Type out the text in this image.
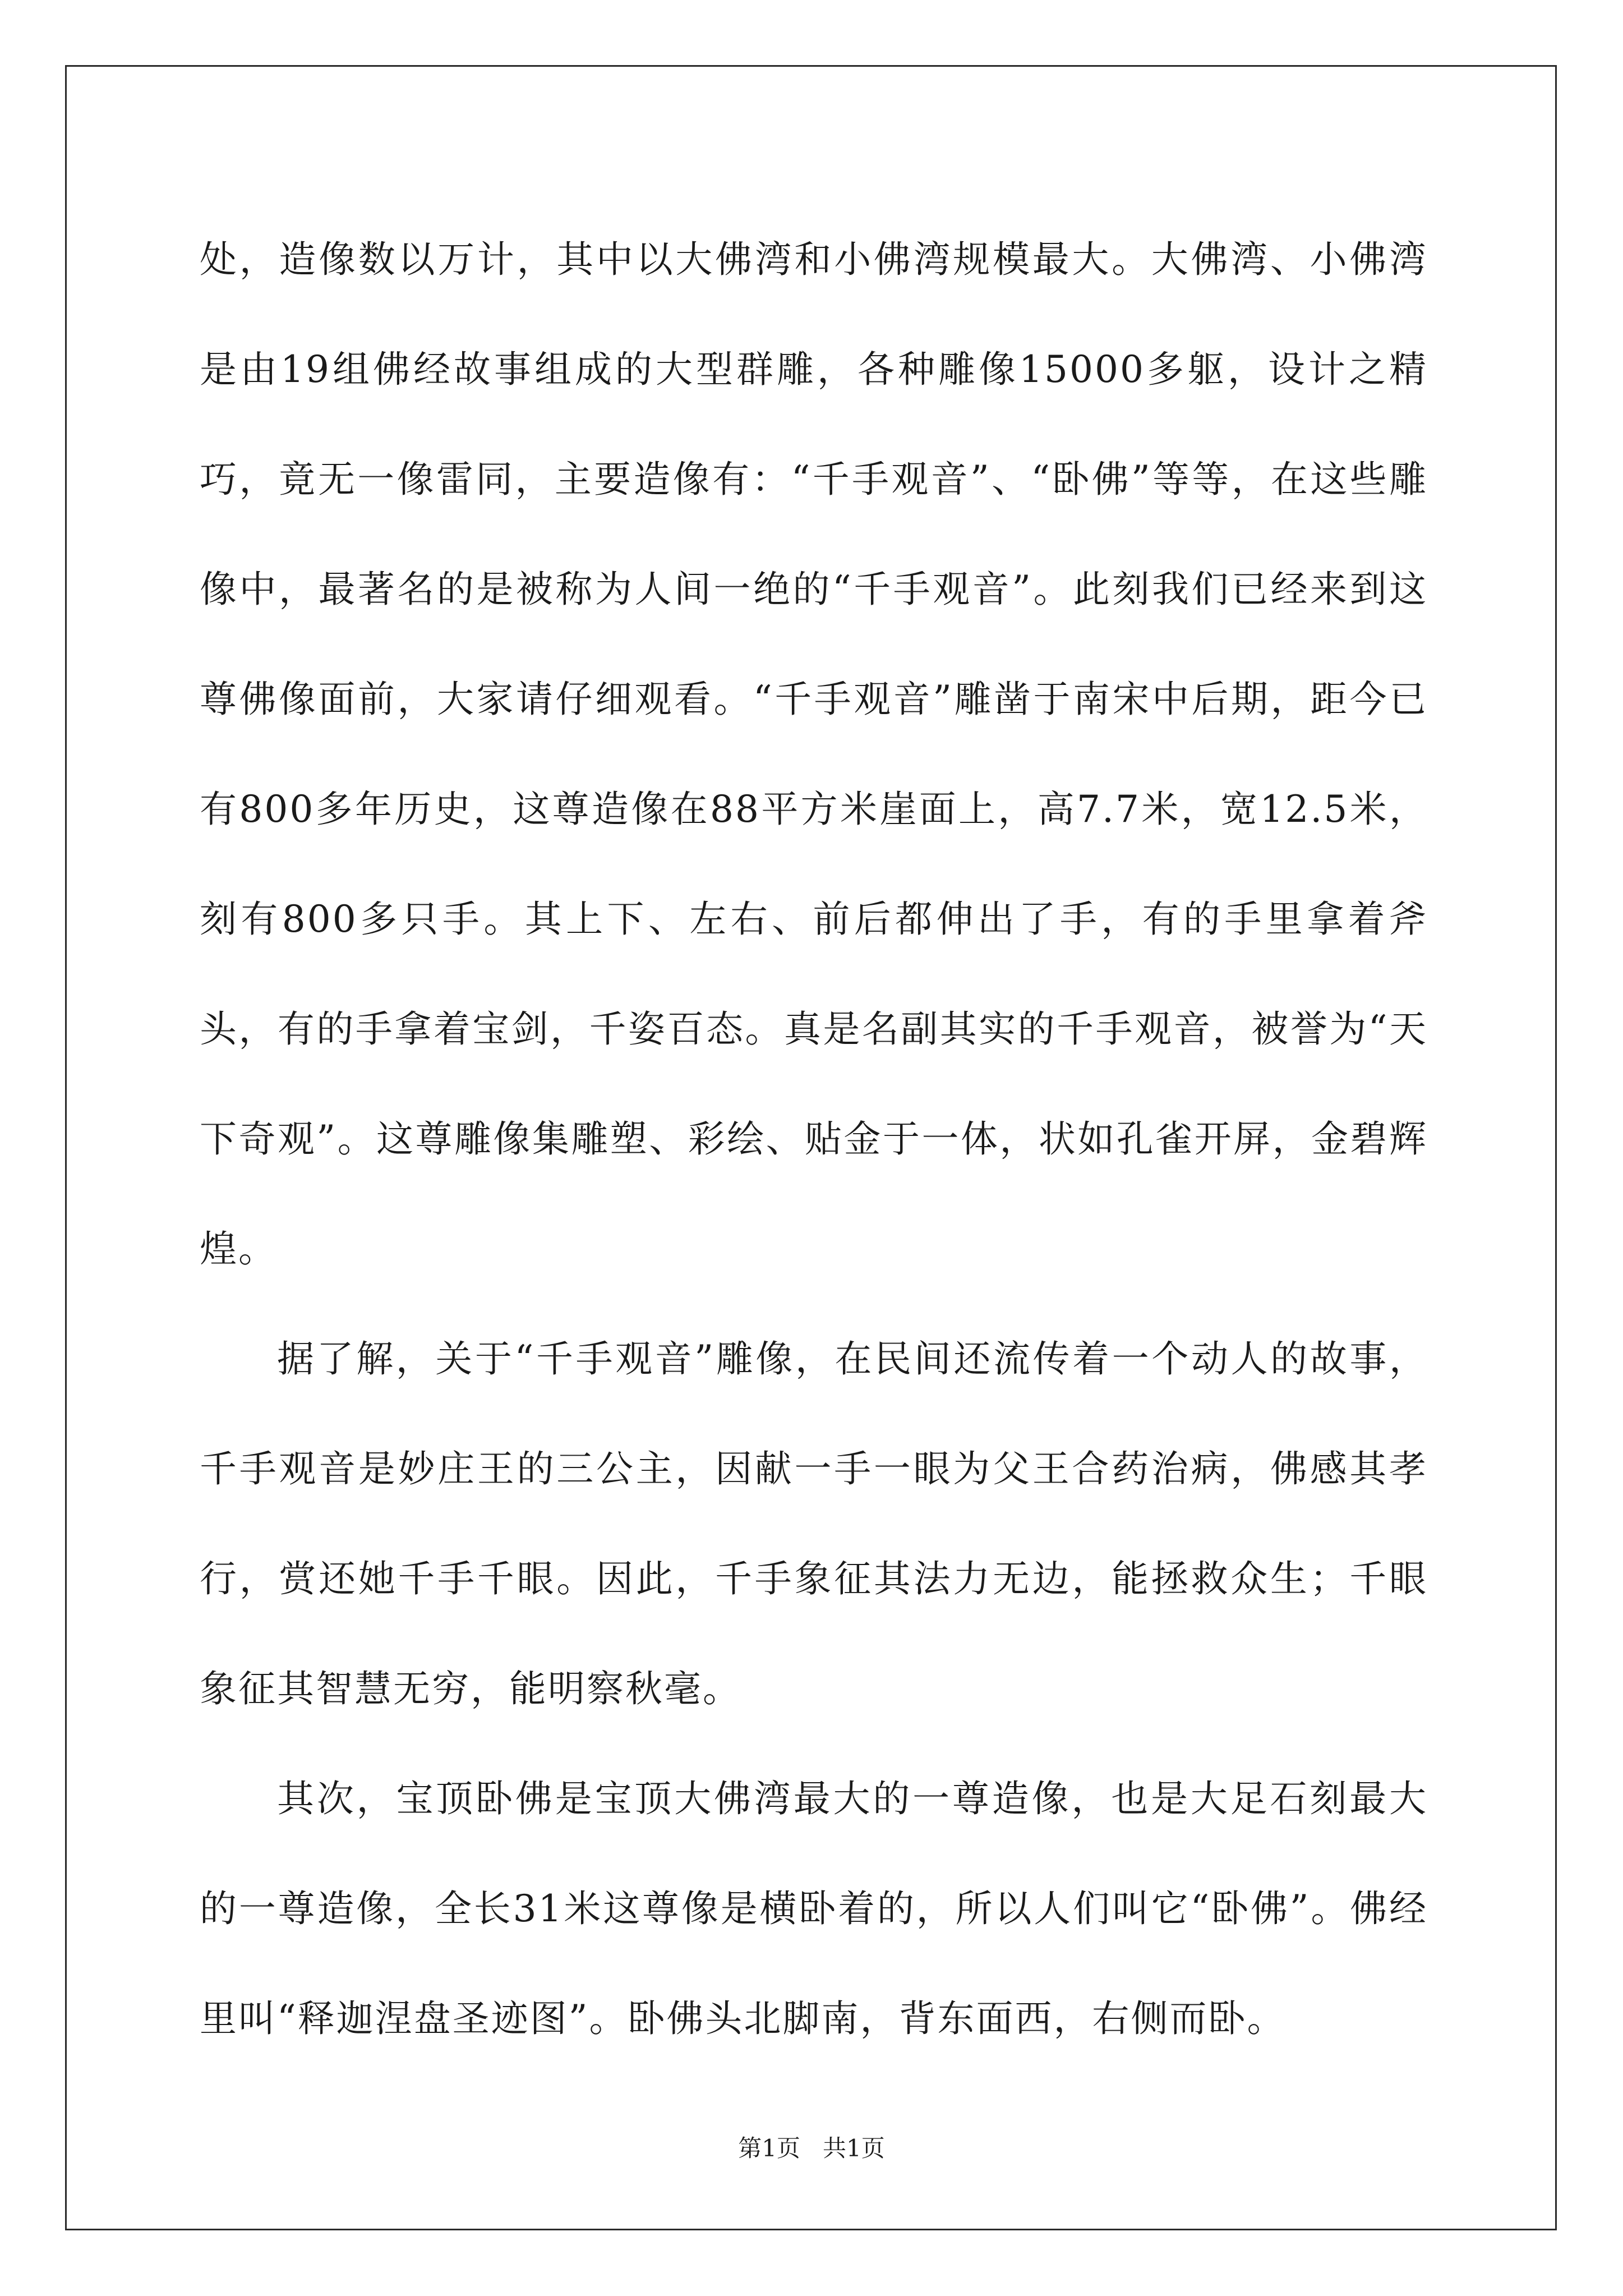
处，造像数以万计，其中以大佛湾和小佛湾规模最大。大佛湾、小佛湾是由19组佛经故事组成的大型群雕，各种雕像15000多躯，设计之精巧，竟无一像雷同，主要造像有：“千手观音”、“卧佛”等等，在这些雕像中，最著名的是被称为人间一绝的“千手观音”。此刻我们已经来到这尊佛像面前，大家请仔细观看。“千手观音”雕凿于南宋中后期，距今已有800多年历史，这尊造像在88平方米崖面上，高7.7米，宽12.5米，刻有800多只手。其上下、左右、前后都伸出了手，有的手里拿着斧头，有的手拿着宝剑，千姿百态。真是名副其实的千手观音，被誉为“天下奇观”。这尊雕像集雕塑、彩绘、贴金于一体，状如孔雀开屏，金碧辉煌。

据了解，关于“千手观音”雕像，在民间还流传着一个动人的故事，千手观音是妙庄王的三公主，因献一手一眼为父王合药治病，佛感其孝行，赏还她千手千眼。因此，千手象征其法力无边，能拯救众生；千眼象征其智慧无穷，能明察秋毫。

其次，宝顶卧佛是宝顶大佛湾最大的一尊造像，也是大足石刻最大的一尊造像，全长31米这尊像是横卧着的，所以人们叫它“卧佛”。佛经里叫“释迦涅盘圣迹图”。卧佛头北脚南，背东面西，右侧而卧。

第1页 共1页
